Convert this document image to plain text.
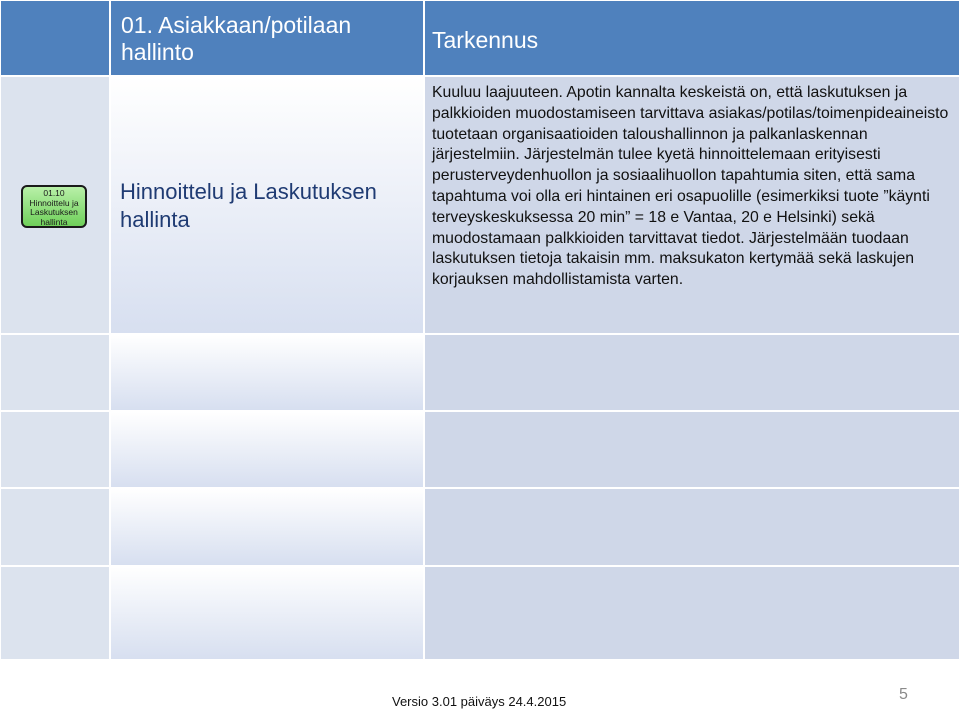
01. Asiakkaan/potilaan hallinto	Tarkennus
01.10 Hinnoittelu ja Laskutuksen hallinta
Hinnoittelu ja Laskutuksen hallinta
Kuuluu laajuuteen. Apotin kannalta keskeistä on, että laskutuksen ja palkkioiden muodostamiseen tarvittava asiakas/potilas/toimenpideaineisto tuotetaan organisaatioiden taloushallinnon ja palkanlaskennan järjestelmiin. Järjestelmän tulee kyetä hinnoittelemaan erityisesti perusterveydenhuollon ja sosiaalihuollon tapahtumia siten, että sama tapahtuma voi olla eri hintainen eri osapuolille (esimerkiksi tuote ”käynti terveyskeskuksessa 20 min” = 18 e Vantaa, 20 e Helsinki) sekä muodostamaan palkkioiden tarvittavat tiedot. Järjestelmään tuodaan laskutuksen tietoja takaisin mm. maksukaton kertymää sekä laskujen korjauksen mahdollistamista varten.
Versio 3.01 päiväys 24.4.2015	5
